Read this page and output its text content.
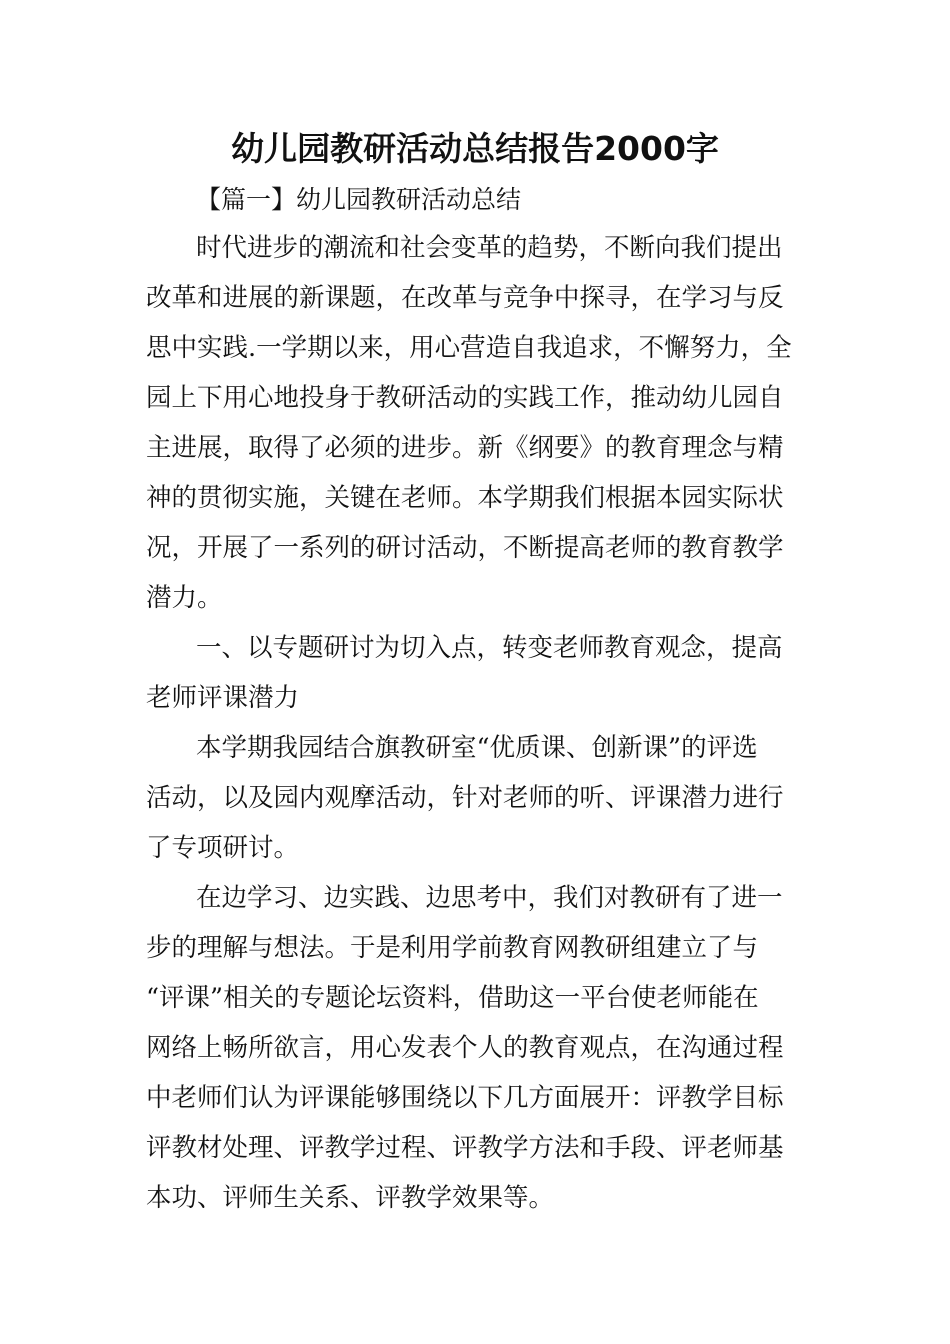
幼儿园教研活动总结报告2000字

【篇一】幼儿园教研活动总结

时代进步的潮流和社会变革的趋势，不断向我们提出

改革和进展的新课题，在改革与竞争中探寻，在学习与反

思中实践.一学期以来，用心营造自我追求，不懈努力，全

园上下用心地投身于教研活动的实践工作，推动幼儿园自

主进展，取得了必须的进步。新《纲要》的教育理念与精

神的贯彻实施，关键在老师。本学期我们根据本园实际状

况，开展了一系列的研讨活动，不断提高老师的教育教学

潜力。

一、以专题研讨为切入点，转变老师教育观念，提高

老师评课潜力

本学期我园结合旗教研室“优质课、创新课”的评选

活动，以及园内观摩活动，针对老师的听、评课潜力进行

了专项研讨。

在边学习、边实践、边思考中，我们对教研有了进一

步的理解与想法。于是利用学前教育网教研组建立了与

“评课”相关的专题论坛资料，借助这一平台使老师能在

网络上畅所欲言，用心发表个人的教育观点，在沟通过程

中老师们认为评课能够围绕以下几方面展开：评教学目标

评教材处理、评教学过程、评教学方法和手段、评老师基

本功、评师生关系、评教学效果等。
